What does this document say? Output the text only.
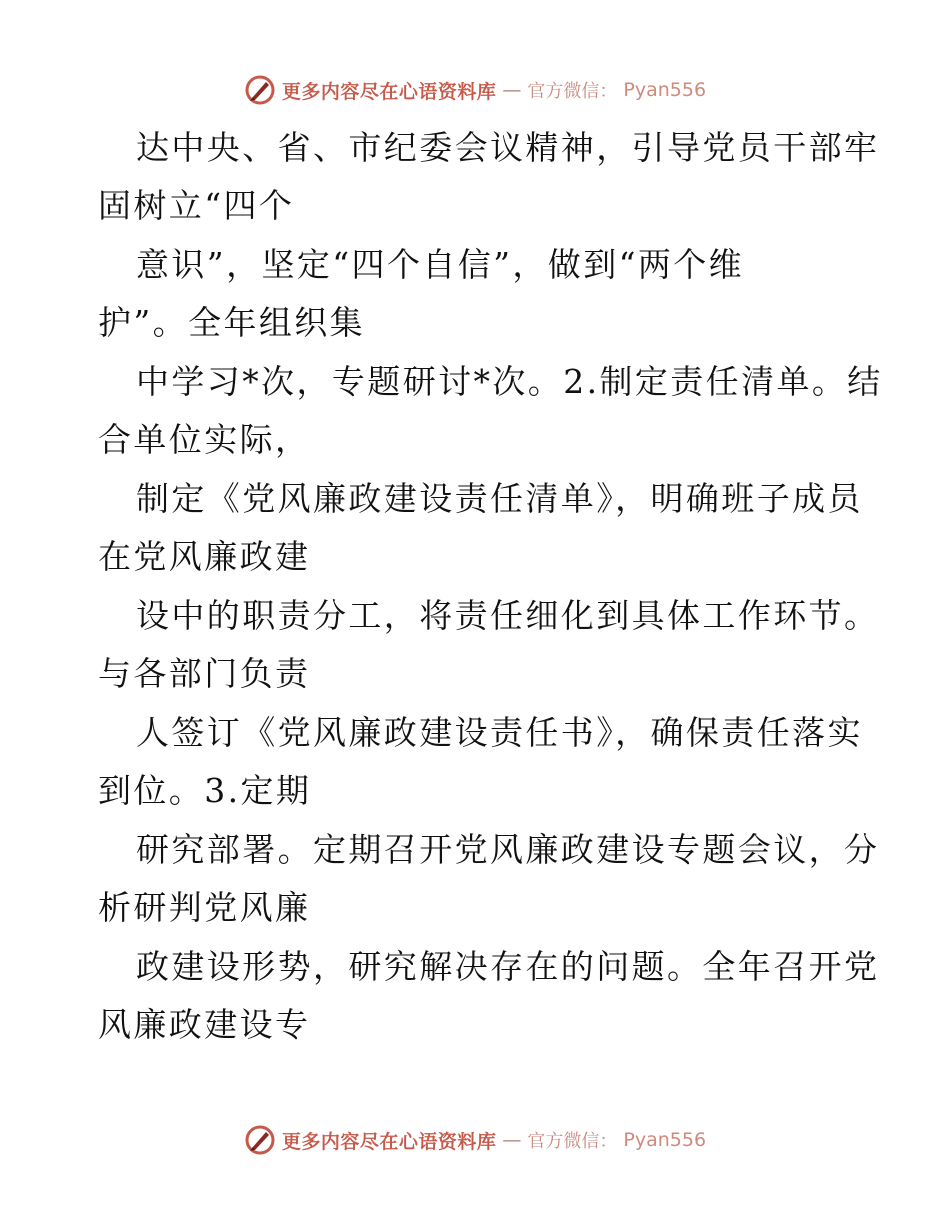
更多内容尽在心语资料库 — 官方微信： Pyan556
达中央、省、市纪委会议精神，引导党员干部牢
固树立“四个
意识”，坚定“四个自信”，做到“两个维
护”。全年组织集
中学习*次，专题研讨*次。2.制定责任清单。结
合单位实际，
制定《党风廉政建设责任清单》，明确班子成员
在党风廉政建
设中的职责分工，将责任细化到具体工作环节。
与各部门负责
人签订《党风廉政建设责任书》，确保责任落实
到位。3.定期
研究部署。定期召开党风廉政建设专题会议，分
析研判党风廉
政建设形势，研究解决存在的问题。全年召开党
风廉政建设专
更多内容尽在心语资料库 — 官方微信： Pyan556
